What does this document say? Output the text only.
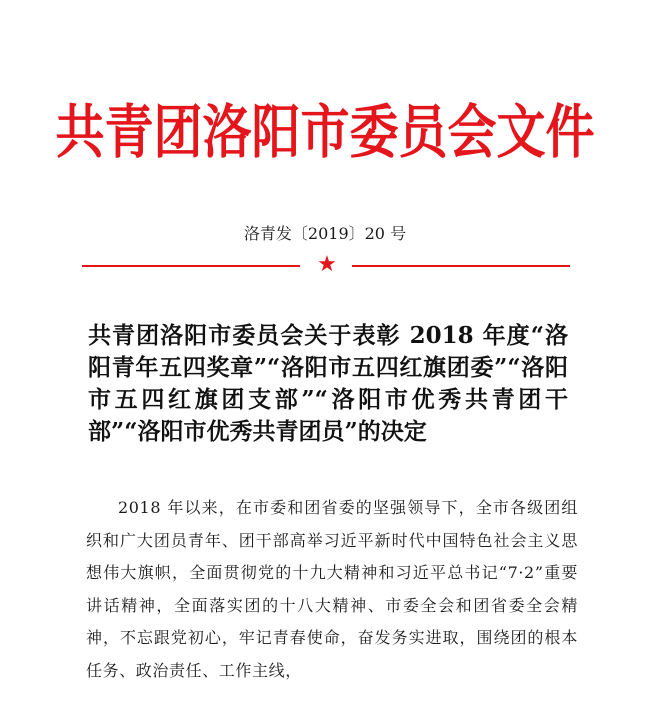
共青团洛阳市委员会文件
洛青发〔2019〕20 号
★
共青团洛阳市委员会关于表彰 2018 年度“洛阳青年五四奖章”“洛阳市五四红旗团委”“洛阳市五四红旗团支部”“洛阳市优秀共青团干部”“洛阳市优秀共青团员”的决定
2018 年以来，在市委和团省委的坚强领导下，全市各级团组织和广大团员青年、团干部高举习近平新时代中国特色社会主义思想伟大旗帜，全面贯彻党的十九大精神和习近平总书记“7·2”重要讲话精神，全面落实团的十八大精神、市委全会和团省委全会精神，不忘跟党初心，牢记青春使命，奋发务实进取，围绕团的根本任务、政治责任、工作主线，
